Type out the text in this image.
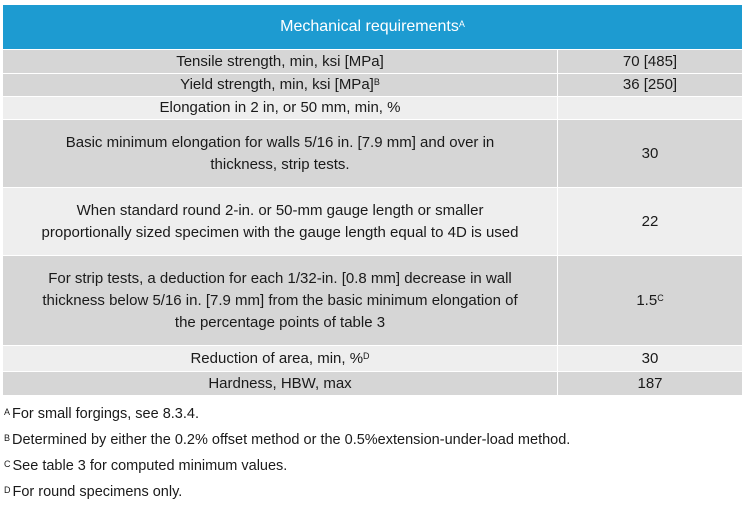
Mechanical requirements$^A$
Tensile strength, min, ksi [MPa]	70 [485]
Yield strength, min, ksi [MPa]$^B$	36 [250]
Elongation in 2 in, or 50 mm, min, %	

Basic minimum elongation for walls 5/16 in. [7.9 mm] and over in
thickness, strip tests.	30

When standard round 2-in. or 50-mm gauge length or smaller
proportionally sized specimen with the gauge length equal to 4D is used	22

For strip tests, a deduction for each 1/32-in. [0.8 mm] decrease in wall
thickness below 5/16 in. [7.9 mm] from the basic minimum elongation of
the percentage points of table 3	$1.5^C$
Reduction of area, min, %$^D$	30
Hardness, HBW, max	187
$^A$ For small forgings, see 8.3.4.
$^B$ Determined by either the 0.2% offset method or the 0.5%extension-under-load method.
$^C$ See table 3 for computed minimum values.
$^D$ For round specimens only.
